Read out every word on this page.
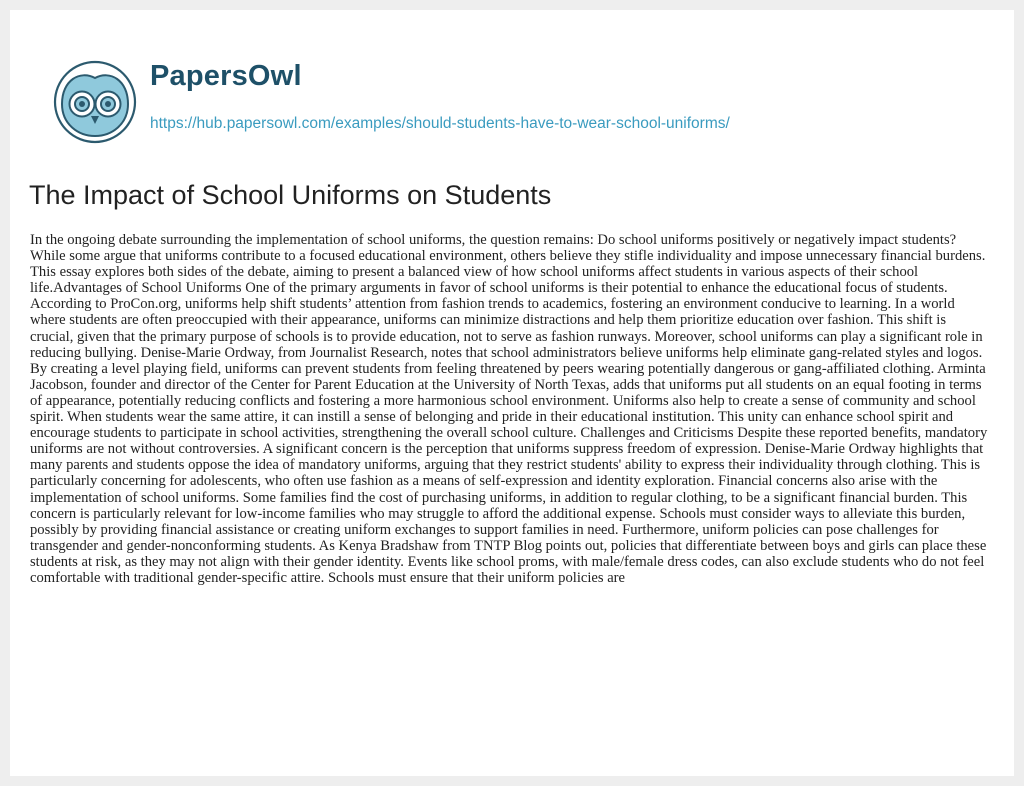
PapersOwl
https://hub.papersowl.com/examples/should-students-have-to-wear-school-uniforms/
The Impact of School Uniforms on Students

In the ongoing debate surrounding the implementation of school uniforms, the question remains: Do school uniforms positively or negatively impact students? While some argue that uniforms contribute to a focused educational environment, others believe they stifle individuality and impose unnecessary financial burdens. This essay explores both sides of the debate, aiming to present a balanced view of how school uniforms affect students in various aspects of their school life.Advantages of School Uniforms One of the primary arguments in favor of school uniforms is their potential to enhance the educational focus of students. According to ProCon.org, uniforms help shift students’ attention from fashion trends to academics, fostering an environment conducive to learning. In a world where students are often preoccupied with their appearance, uniforms can minimize distractions and help them prioritize education over fashion. This shift is crucial, given that the primary purpose of schools is to provide education, not to serve as fashion runways. Moreover, school uniforms can play a significant role in reducing bullying. Denise-Marie Ordway, from Journalist Research, notes that school administrators believe uniforms help eliminate gang-related styles and logos. By creating a level playing field, uniforms can prevent students from feeling threatened by peers wearing potentially dangerous or gang-affiliated clothing. Arminta Jacobson, founder and director of the Center for Parent Education at the University of North Texas, adds that uniforms put all students on an equal footing in terms of appearance, potentially reducing conflicts and fostering a more harmonious school environment. Uniforms also help to create a sense of community and school spirit. When students wear the same attire, it can instill a sense of belonging and pride in their educational institution. This unity can enhance school spirit and encourage students to participate in school activities, strengthening the overall school culture. Challenges and Criticisms Despite these reported benefits, mandatory uniforms are not without controversies. A significant concern is the perception that uniforms suppress freedom of expression. Denise-Marie Ordway highlights that many parents and students oppose the idea of mandatory uniforms, arguing that they restrict students' ability to express their individuality through clothing. This is particularly concerning for adolescents, who often use fashion as a means of self-expression and identity exploration. Financial concerns also arise with the implementation of school uniforms. Some families find the cost of purchasing uniforms, in addition to regular clothing, to be a significant financial burden. This concern is particularly relevant for low-income families who may struggle to afford the additional expense. Schools must consider ways to alleviate this burden, possibly by providing financial assistance or creating uniform exchanges to support families in need. Furthermore, uniform policies can pose challenges for transgender and gender-nonconforming students. As Kenya Bradshaw from TNTP Blog points out, policies that differentiate between boys and girls can place these students at risk, as they may not align with their gender identity. Events like school proms, with male/female dress codes, can also exclude students who do not feel comfortable with traditional gender-specific attire. Schools must ensure that their uniform policies are
